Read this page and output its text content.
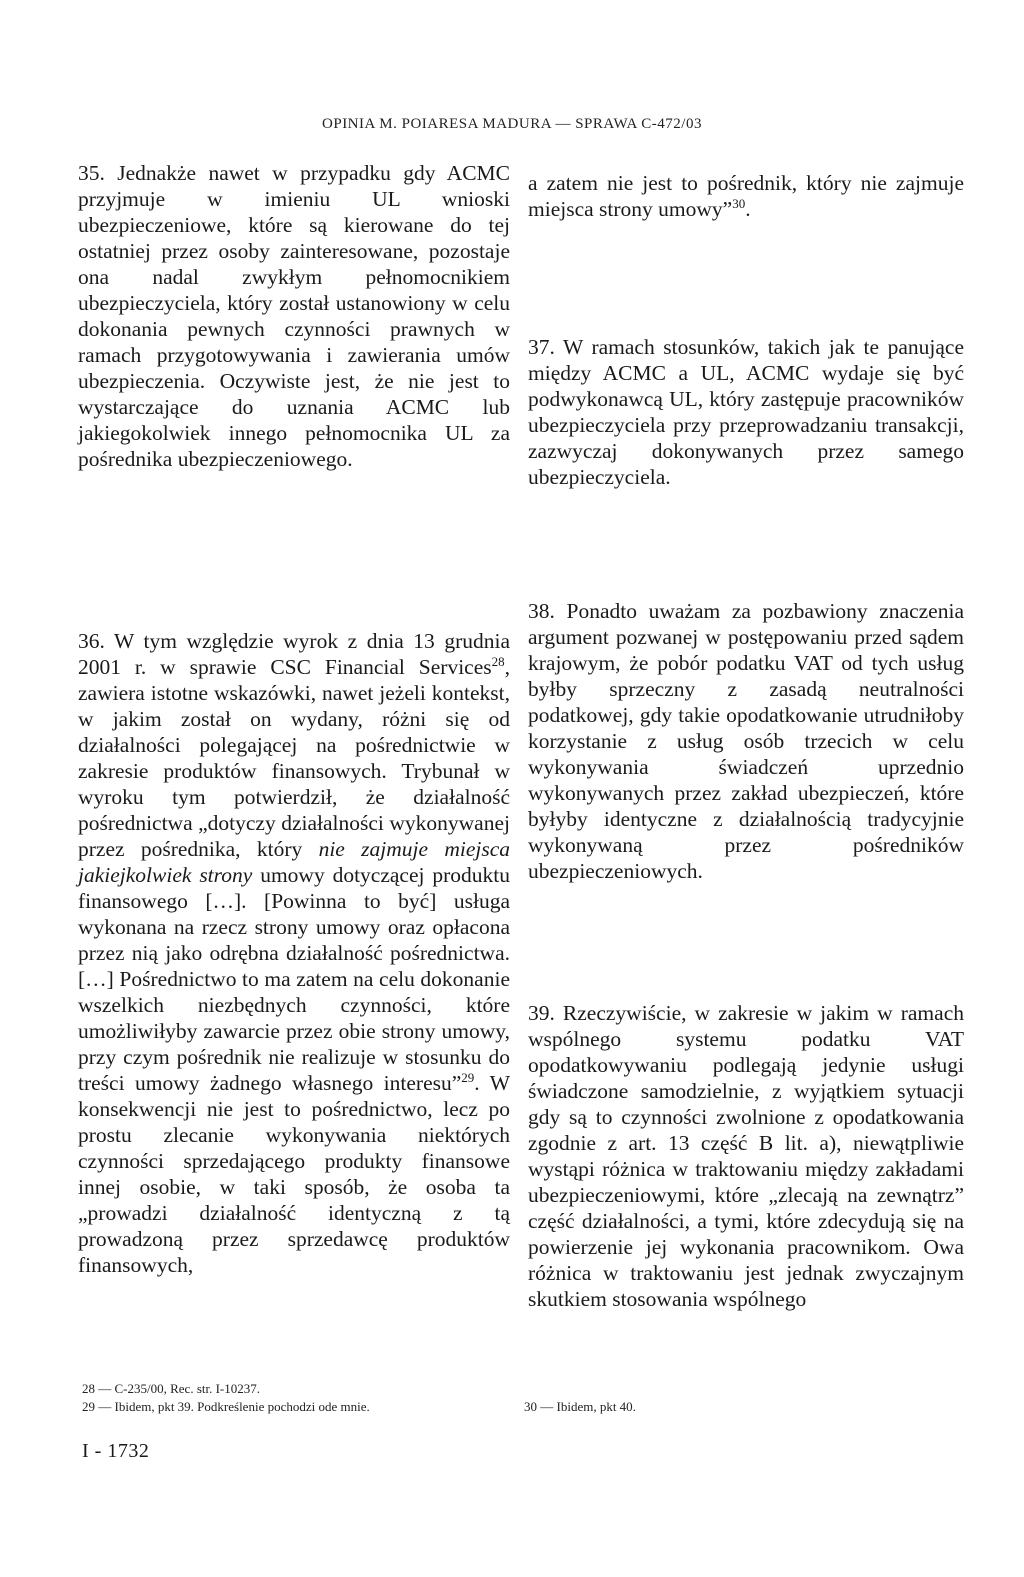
OPINIA M. POIARESA MADURA — SPRAWA C-472/03

35. Jednakże nawet w przypadku gdy ACMC przyjmuje w imieniu UL wnioski ubezpieczeniowe, które są kierowane do tej ostatniej przez osoby zainteresowane, pozostaje ona nadal zwykłym pełnomocnikiem ubezpieczyciela, który został ustanowiony w celu dokonania pewnych czynności prawnych w ramach przygotowywania i zawierania umów ubezpieczenia. Oczywiste jest, że nie jest to wystarczające do uznania ACMC lub jakiegokolwiek innego pełnomocnika UL za pośrednika ubezpieczeniowego.

36. W tym względzie wyrok z dnia 13 grudnia 2001 r. w sprawie CSC Financial Services$^{28}$, zawiera istotne wskazówki, nawet jeżeli kontekst, w jakim został on wydany, różni się od działalności polegającej na pośrednictwie w zakresie produktów finansowych. Trybunał w wyroku tym potwierdził, że działalność pośrednictwa „dotyczy działalności wykonywanej przez pośrednika, który nie zajmuje miejsca jakiejkolwiek strony umowy dotyczącej produktu finansowego […]. [Powinna to być] usługa wykonana na rzecz strony umowy oraz opłacona przez nią jako odrębna działalność pośrednictwa. […] Pośrednictwo to ma zatem na celu dokonanie wszelkich niezbędnych czynności, które umożliwiłyby zawarcie przez obie strony umowy, przy czym pośrednik nie realizuje w stosunku do treści umowy żadnego własnego interesu”$^{29}$. W konsekwencji nie jest to pośrednictwo, lecz po prostu zlecanie wykonywania niektórych czynności sprzedającego produkty finansowe innej osobie, w taki sposób, że osoba ta „prowadzi działalność identyczną z tą prowadzoną przez sprzedawcę produktów finansowych,

a zatem nie jest to pośrednik, który nie zajmuje miejsca strony umowy”$^{30}$.

37. W ramach stosunków, takich jak te panujące między ACMC a UL, ACMC wydaje się być podwykonawcą UL, który zastępuje pracowników ubezpieczyciela przy przeprowadzaniu transakcji, zazwyczaj dokonywanych przez samego ubezpieczyciela.

38. Ponadto uważam za pozbawiony znaczenia argument pozwanej w postępowaniu przed sądem krajowym, że pobór podatku VAT od tych usług byłby sprzeczny z zasadą neutralności podatkowej, gdy takie opodatkowanie utrudniłoby korzystanie z usług osób trzecich w celu wykonywania świadczeń uprzednio wykonywanych przez zakład ubezpieczeń, które byłyby identyczne z działalnością tradycyjnie wykonywaną przez pośredników ubezpieczeniowych.

39. Rzeczywiście, w zakresie w jakim w ramach wspólnego systemu podatku VAT opodatkowywaniu podlegają jedynie usługi świadczone samodzielnie, z wyjątkiem sytuacji gdy są to czynności zwolnione z opodatkowania zgodnie z art. 13 część B lit. a), niewątpliwie wystąpi różnica w traktowaniu między zakładami ubezpieczeniowymi, które „zlecają na zewnątrz” część działalności, a tymi, które zdecydują się na powierzenie jej wykonania pracownikom. Owa różnica w traktowaniu jest jednak zwyczajnym skutkiem stosowania wspólnego

28 — C-235/00, Rec. str. I-10237.
29 — Ibidem, pkt 39. Podkreślenie pochodzi ode mnie.	30 — Ibidem, pkt 40.
I - 1732
